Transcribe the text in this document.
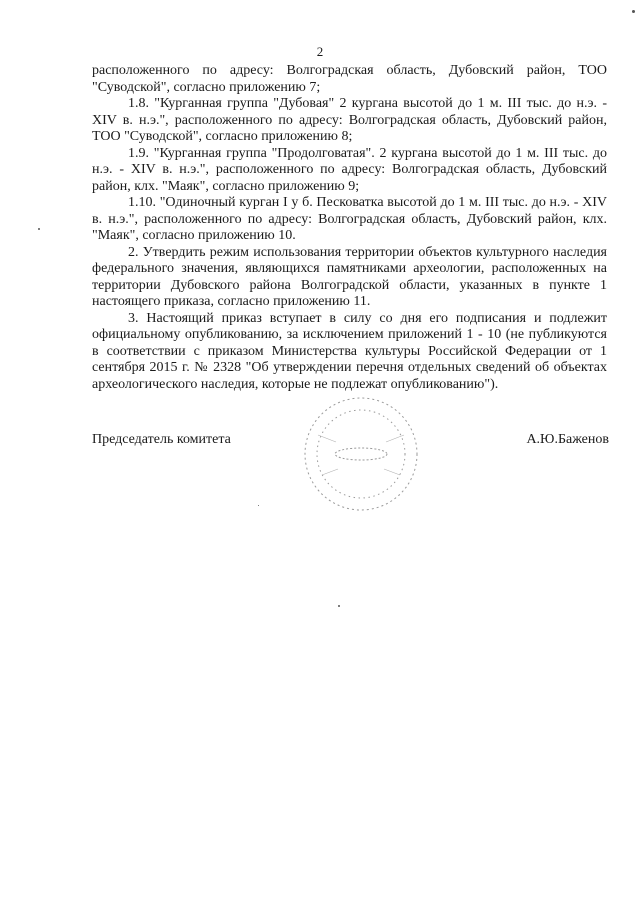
2

расположенного по адресу: Волгоградская область, Дубовский район, ТОО "Суводской", согласно приложению 7;

1.8. "Курганная группа "Дубовая" 2 кургана высотой до 1 м. III тыс. до н.э. - XIV в. н.э.", расположенного по адресу: Волгоградская область, Дубовский район, ТОО "Суводской", согласно приложению 8;

1.9. "Курганная группа "Продолговатая". 2 кургана высотой до 1 м. III тыс. до н.э. - XIV в. н.э.", расположенного по адресу: Волгоградская область, Дубовский район, клх. "Маяк", согласно приложению 9;

1.10. "Одиночный курган I у б. Песковатка высотой до 1 м. III тыс. до н.э. - XIV в. н.э.", расположенного по адресу: Волгоградская область, Дубовский район, клх. "Маяк", согласно приложению 10.

2. Утвердить режим использования территории объектов культурного наследия федерального значения, являющихся памятниками археологии, расположенных на территории Дубовского района Волгоградской области, указанных в пункте 1 настоящего приказа, согласно приложению 11.

3. Настоящий приказ вступает в силу со дня его подписания и подлежит официальному опубликованию, за исключением приложений 1 - 10 (не публикуются в соответствии с приказом Министерства культуры Российской Федерации от 1 сентября 2015 г. № 2328 "Об утверждении перечня отдельных сведений об объектах археологического наследия, которые не подлежат опубликованию").

Председатель комитета	А.Ю.Баженов
